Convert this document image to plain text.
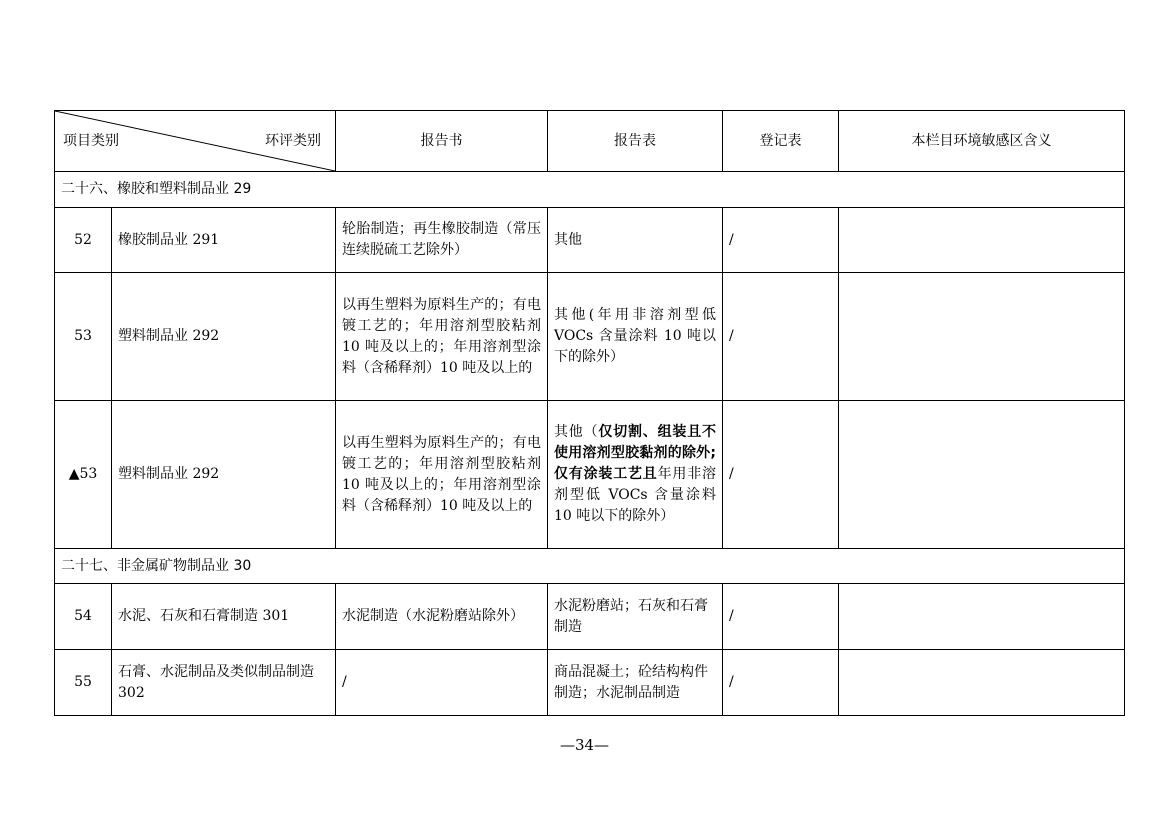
项目类别 环评类别		报告书	报告表	登记表	本栏目环境敏感区含义
二十六、橡胶和塑料制品业 29					
52	橡胶制品业 291	轮胎制造；再生橡胶制造（常压连续脱硫工艺除外）	其他	/	
53	塑料制品业 292	以再生塑料为原料生产的；有电镀工艺的；年用溶剂型胶粘剂 10 吨及以上的；年用溶剂型涂料（含稀释剂）10 吨及以上的	其他(年用非溶剂型低 VOCs 含量涂料 10 吨以下的除外）	/	
▲53	塑料制品业 292	以再生塑料为原料生产的；有电镀工艺的；年用溶剂型胶粘剂 10 吨及以上的；年用溶剂型涂料（含稀释剂）10 吨及以上的	其他（仅切割、组装且不使用溶剂型胶黏剂的除外;仅有涂装工艺且年用非溶剂型低 VOCs 含量涂料 10 吨以下的除外）	/	
二十七、非金属矿物制品业 30					
54	水泥、石灰和石膏制造 301	水泥制造（水泥粉磨站除外）	水泥粉磨站；石灰和石膏制造	/	
55	石膏、水泥制品及类似制品制造 302	/	商品混凝土；砼结构构件制造；水泥制品制造	/	
—34—
